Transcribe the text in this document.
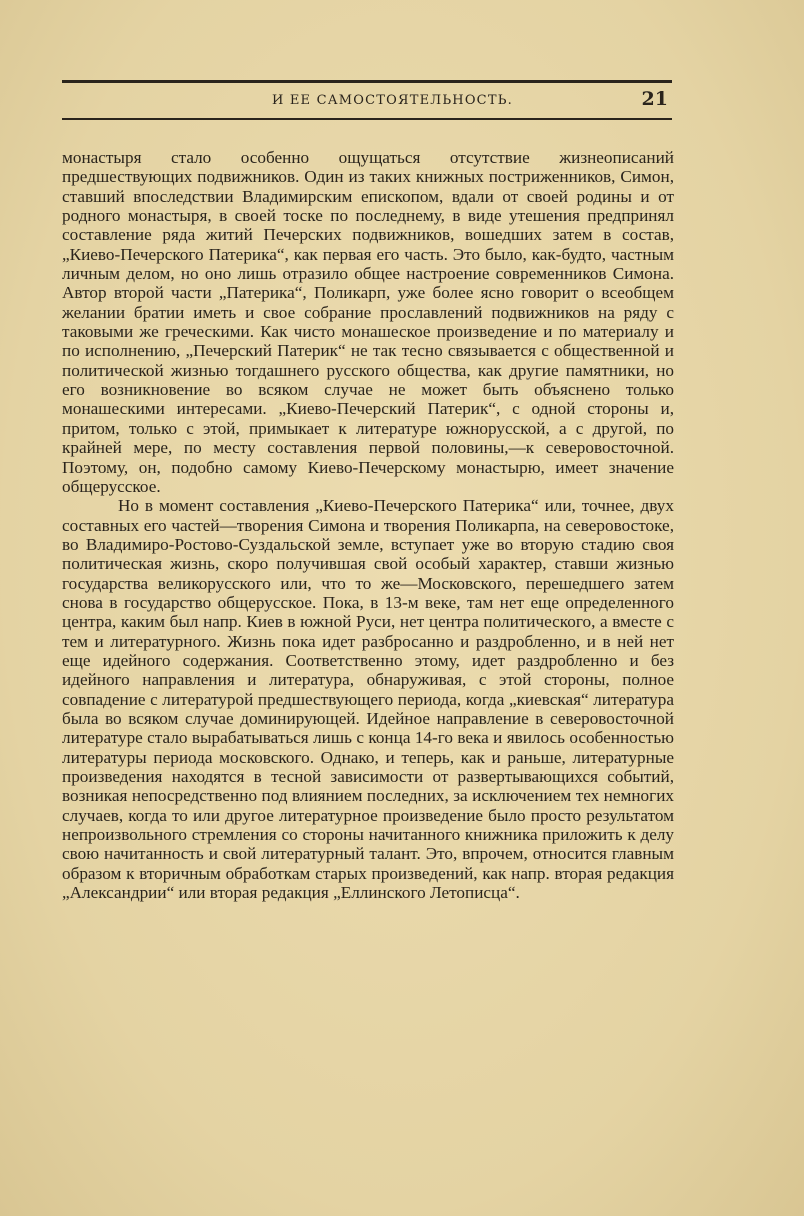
И ЕЕ САМОСТОЯТЕЛЬНОСТЬ.	21

монастыря стало особенно ощущаться отсутствие жизнеописаний предшествующих подвижников. Один из таких книжных постриженников, Симон, ставший впоследствии Владимирским епископом, вдали от своей родины и от родного монастыря, в своей тоске по последнему, в виде утешения предпринял составление ряда житий Печерских подвижников, вошедших затем в состав, „Киево-Печерского Патерика“, как первая его часть. Это было, как-будто, частным личным делом, но оно лишь отразило общее настроение современников Симона. Автор второй части „Патерика“, Поликарп, уже более ясно говорит о всеобщем желании братии иметь и свое собрание прославлений подвижников на ряду с таковыми же греческими. Как чисто монашеское произведение и по материалу и по исполнению, „Печерский Патерик“ не так тесно связывается с общественной и политической жизнью тогдашнего русского общества, как другие памятники, но его возникновение во всяком случае не может быть объяснено только монашескими интересами. „Киево-Печерский Патерик“, с одной стороны и, притом, только с этой, примыкает к литературе южнорусской, а с другой, по крайней мере, по месту составления первой половины,—к северовосточной. Поэтому, он, подобно самому Киево-Печерскому монастырю, имеет значение общерусское.

Но в момент составления „Киево-Печерского Патерика“ или, точнее, двух составных его частей—творения Симона и творения Поликарпа, на северовостоке, во Владимиро-Ростово-Суздальской земле, вступает уже во вторую стадию своя политическая жизнь, скоро получившая свой особый характер, ставши жизнью государства великорусского или, что то же—Московского, перешедшего затем снова в государство общерусское. Пока, в 13-м веке, там нет еще определенного центра, каким был напр. Киев в южной Руси, нет центра политического, а вместе с тем и литературного. Жизнь пока идет разбросанно и раздробленно, и в ней нет еще идейного содержания. Соответственно этому, идет раздробленно и без идейного направления и литература, обнаруживая, с этой стороны, полное совпадение с литературой предшествующего периода, когда „киевская“ литература была во всяком случае доминирующей. Идейное направление в северовосточной литературе стало вырабатываться лишь с конца 14-го века и явилось особенностью литературы периода московского. Однако, и теперь, как и раньше, литературные произведения находятся в тесной зависимости от развертывающихся событий, возникая непосредственно под влиянием последних, за исключением тех немногих случаев, когда то или другое литературное произведение было просто результатом непроизвольного стремления со стороны начитанного книжника приложить к делу свою начитанность и свой литературный талант. Это, впрочем, относится главным образом к вторичным обработкам старых произведений, как напр. вторая редакция „Александрии“ или вторая редакция „Еллинского Летописца“.
